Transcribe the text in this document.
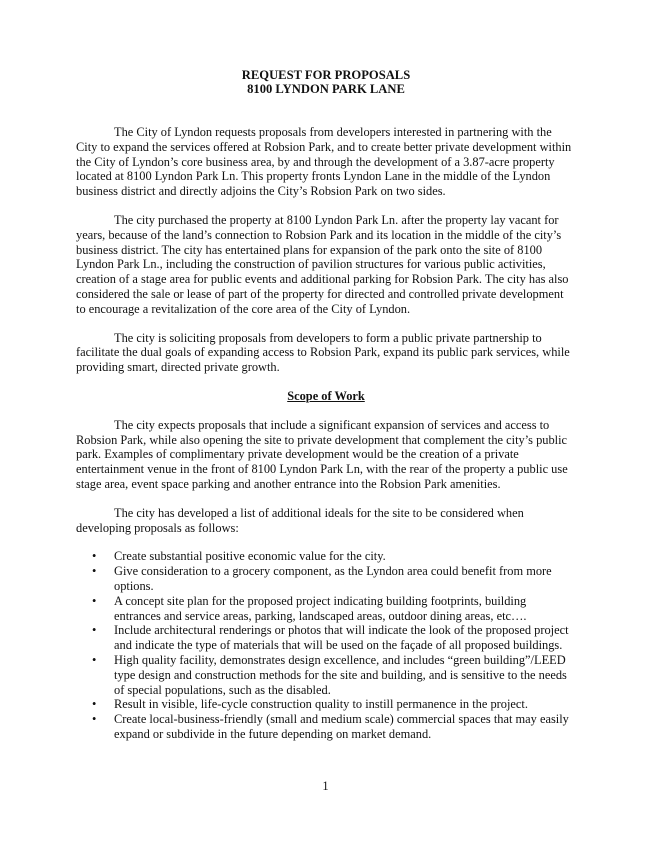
REQUEST FOR PROPOSALS
8100 LYNDON PARK LANE

The City of Lyndon requests proposals from developers interested in partnering with the City to expand the services offered at Robsion Park, and to create better private development within the City of Lyndon’s core business area, by and through the development of a 3.87-acre property located at 8100 Lyndon Park Ln. This property fronts Lyndon Lane in the middle of the Lyndon business district and directly adjoins the City’s Robsion Park on two sides.

The city purchased the property at 8100 Lyndon Park Ln. after the property lay vacant for years, because of the land’s connection to Robsion Park and its location in the middle of the city’s business district. The city has entertained plans for expansion of the park onto the site of 8100 Lyndon Park Ln., including the construction of pavilion structures for various public activities, creation of a stage area for public events and additional parking for Robsion Park. The city has also considered the sale or lease of part of the property for directed and controlled private development to encourage a revitalization of the core area of the City of Lyndon.

The city is soliciting proposals from developers to form a public private partnership to facilitate the dual goals of expanding access to Robsion Park, expand its public park services, while providing smart, directed private growth.

Scope of Work

The city expects proposals that include a significant expansion of services and access to Robsion Park, while also opening the site to private development that complement the city’s public park. Examples of complimentary private development would be the creation of a private entertainment venue in the front of 8100 Lyndon Park Ln, with the rear of the property a public use stage area, event space parking and another entrance into the Robsion Park amenities.

The city has developed a list of additional ideals for the site to be considered when developing proposals as follows:

• Create substantial positive economic value for the city.
• Give consideration to a grocery component, as the Lyndon area could benefit from more options.
• A concept site plan for the proposed project indicating building footprints, building entrances and service areas, parking, landscaped areas, outdoor dining areas, etc….
• Include architectural renderings or photos that will indicate the look of the proposed project and indicate the type of materials that will be used on the façade of all proposed buildings.
• High quality facility, demonstrates design excellence, and includes “green building”/LEED type design and construction methods for the site and building, and is sensitive to the needs of special populations, such as the disabled.
• Result in visible, life-cycle construction quality to instill permanence in the project.
• Create local-business-friendly (small and medium scale) commercial spaces that may easily expand or subdivide in the future depending on market demand.
1
